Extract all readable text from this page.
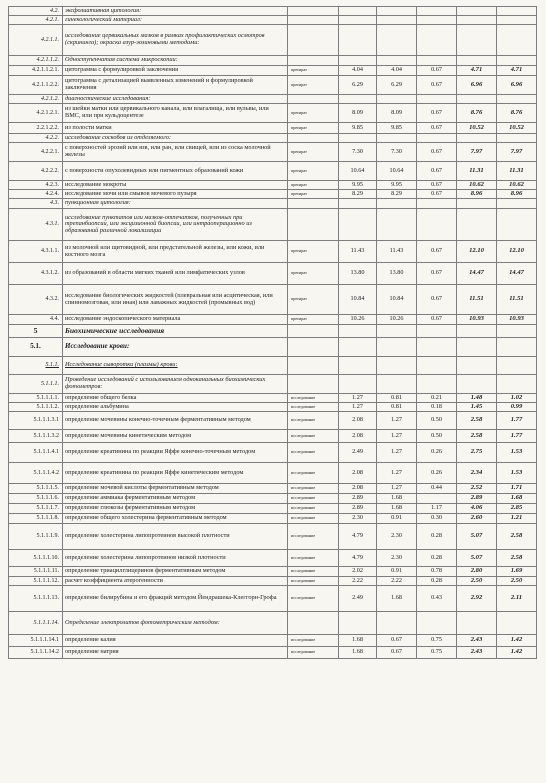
4.2.	эксфолиативная цитология:						
4.2.1.	гинекологический материал:						
4.2.1.1.	исследование цервикальных мазков в рамках профилактических осмотров (скрининга); окраска азур-эозиновыми методами:						
4.2.1.1.2.	Одноступенчатая система микроскопии:						
4.2.1.1.2.1.	цитограмма с формулировкой заключения	препарат	4.04	4.04	0.67	4.71	4.71
4.2.1.1.2.2.	цитограмма с детализацией выявленных изменений и формулировкой заключения	препарат	6.29	6.29	0.67	6.96	6.96
4.2.1.2.	диагностические исследования:						
4.2.1.2.1.	из шейки матки или цервикального канала, или влагалища, или вульвы, или ВМС, или при кульдоцентезе	препарат	8.09	8.09	0.67	8.76	8.76
2.2.1.2.2.	из полости матки	препарат	9.85	9.85	0.67	10.52	10.52
4.2.2.	исследование соскобов из отделяемого:						
4.2.2.1.	с поверхностей эрозий или язв, или ран, или свищей, или из соска молочной железы	препарат	7.30	7.30	0.67	7.97	7.97
4.2.2.2.	с поверхности опухолевидных или пигментных образований кожи	препарат	10.64	10.64	0.67	11.31	11.31
4.2.3.	исследование мокроты	препарат	9.95	9.95	0.67	10.62	10.62
4.2.4.	исследование мочи или смывов мочевого пузыря	препарат	8.29	8.29	0.67	8.96	8.96
4.3.	пункционная цитология:						
4.3.1.	исследование пунктатов или мазков-отпечатков, полученных при трепанбиопсии, или эксцизионной биопсии, или интраоперационно из образований различной локализации						
4.3.1.1.	из молочной или щитовидной, или предстательной железы, или кожи, или костного мозга	препарат	11.43	11.43	0.67	12.10	12.10
4.3.1.2.	из образований в области мягких тканей или лимфатических узлов	препарат	13.80	13.80	0.67	14.47	14.47
4.3.2.	исследование биологических жидкостей (плевральная или асцитическая, или спинномозговая, или иная) или лаважных жидкостей (промывных вод)	препарат	10.84	10.84	0.67	11.51	11.51
4.4.	исследование эндоскопического материала	препарат	10.26	10.26	0.67	10.93	10.93
5	Биохимические исследования						
5.1.	Исследование крови:						
5.1.1.	Исследование сыворотки (плазмы) крови:						
5.1.1.1.	Проведение исследований с использованием одноканальных биохимических фотометров:						
5.1.1.1.1.	определение общего белка	исследование	1.27	0.81	0.21	1.48	1.02
5.1.1.1.2.	определение альбумина	исследование	1.27	0.81	0.18	1.45	0.99
5.1.1.1.3.1	определение мочевины конечно-точечным ферментативным методом	исследование	2.08	1.27	0.50	2.58	1.77
5.1.1.1.3.2	определение мочевины кинетическим методом	исследование	2.08	1.27	0.50	2.58	1.77
5.1.1.1.4.1	определение креатинина по реакции Яффе конечно-точечным методом	исследование	2.49	1.27	0.26	2.75	1.53
5.1.1.1.4.2	определение креатинина по реакции Яффе кинетическим методом	исследование	2.08	1.27	0.26	2.34	1.53
5.1.1.1.5.	определение мочевой кислоты ферментативным методом	исследование	2.08	1.27	0.44	2.52	1.71
5.1.1.1.6.	определение аммиака ферментативным методом	исследование	2.89	1.68		2.89	1.68
5.1.1.1.7.	определение глюкозы ферментативным методом	исследование	2.89	1.68	1.17	4.06	2.85
5.1.1.1.8.	определение общего холестерина ферментативным методом	исследование	2.30	0.91	0.30	2.60	1.21
5.1.1.1.9.	определение холестерина липопротеинов высокой плотности	исследование	4.79	2.30	0.28	5.07	2.58
5.1.1.1.10.	определение холестерина липопротеинов низкой плотности	исследование	4.79	2.30	0.28	5.07	2.58
5.1.1.1.11.	определение триацилглицеринов ферментативным методом	исследование	2.02	0.91	0.78	2.80	1.69
5.1.1.1.12.	расчет коэффициента атерогенности	исследование	2.22	2.22	0.28	2.50	2.50
5.1.1.1.13.	определение билирубина и его фракций методом Йендрашека-Клеггорн-Грофа	исследование	2.49	1.68	0.43	2.92	2.11
5.1.1.1.14.	Определение электролитов фотометрическим методом:						
5.1.1.1.14.1	определение калия	исследование	1.68	0.67	0.75	2.43	1.42
5.1.1.1.14.2	определение натрия	исследование	1.68	0.67	0.75	2.43	1.42
